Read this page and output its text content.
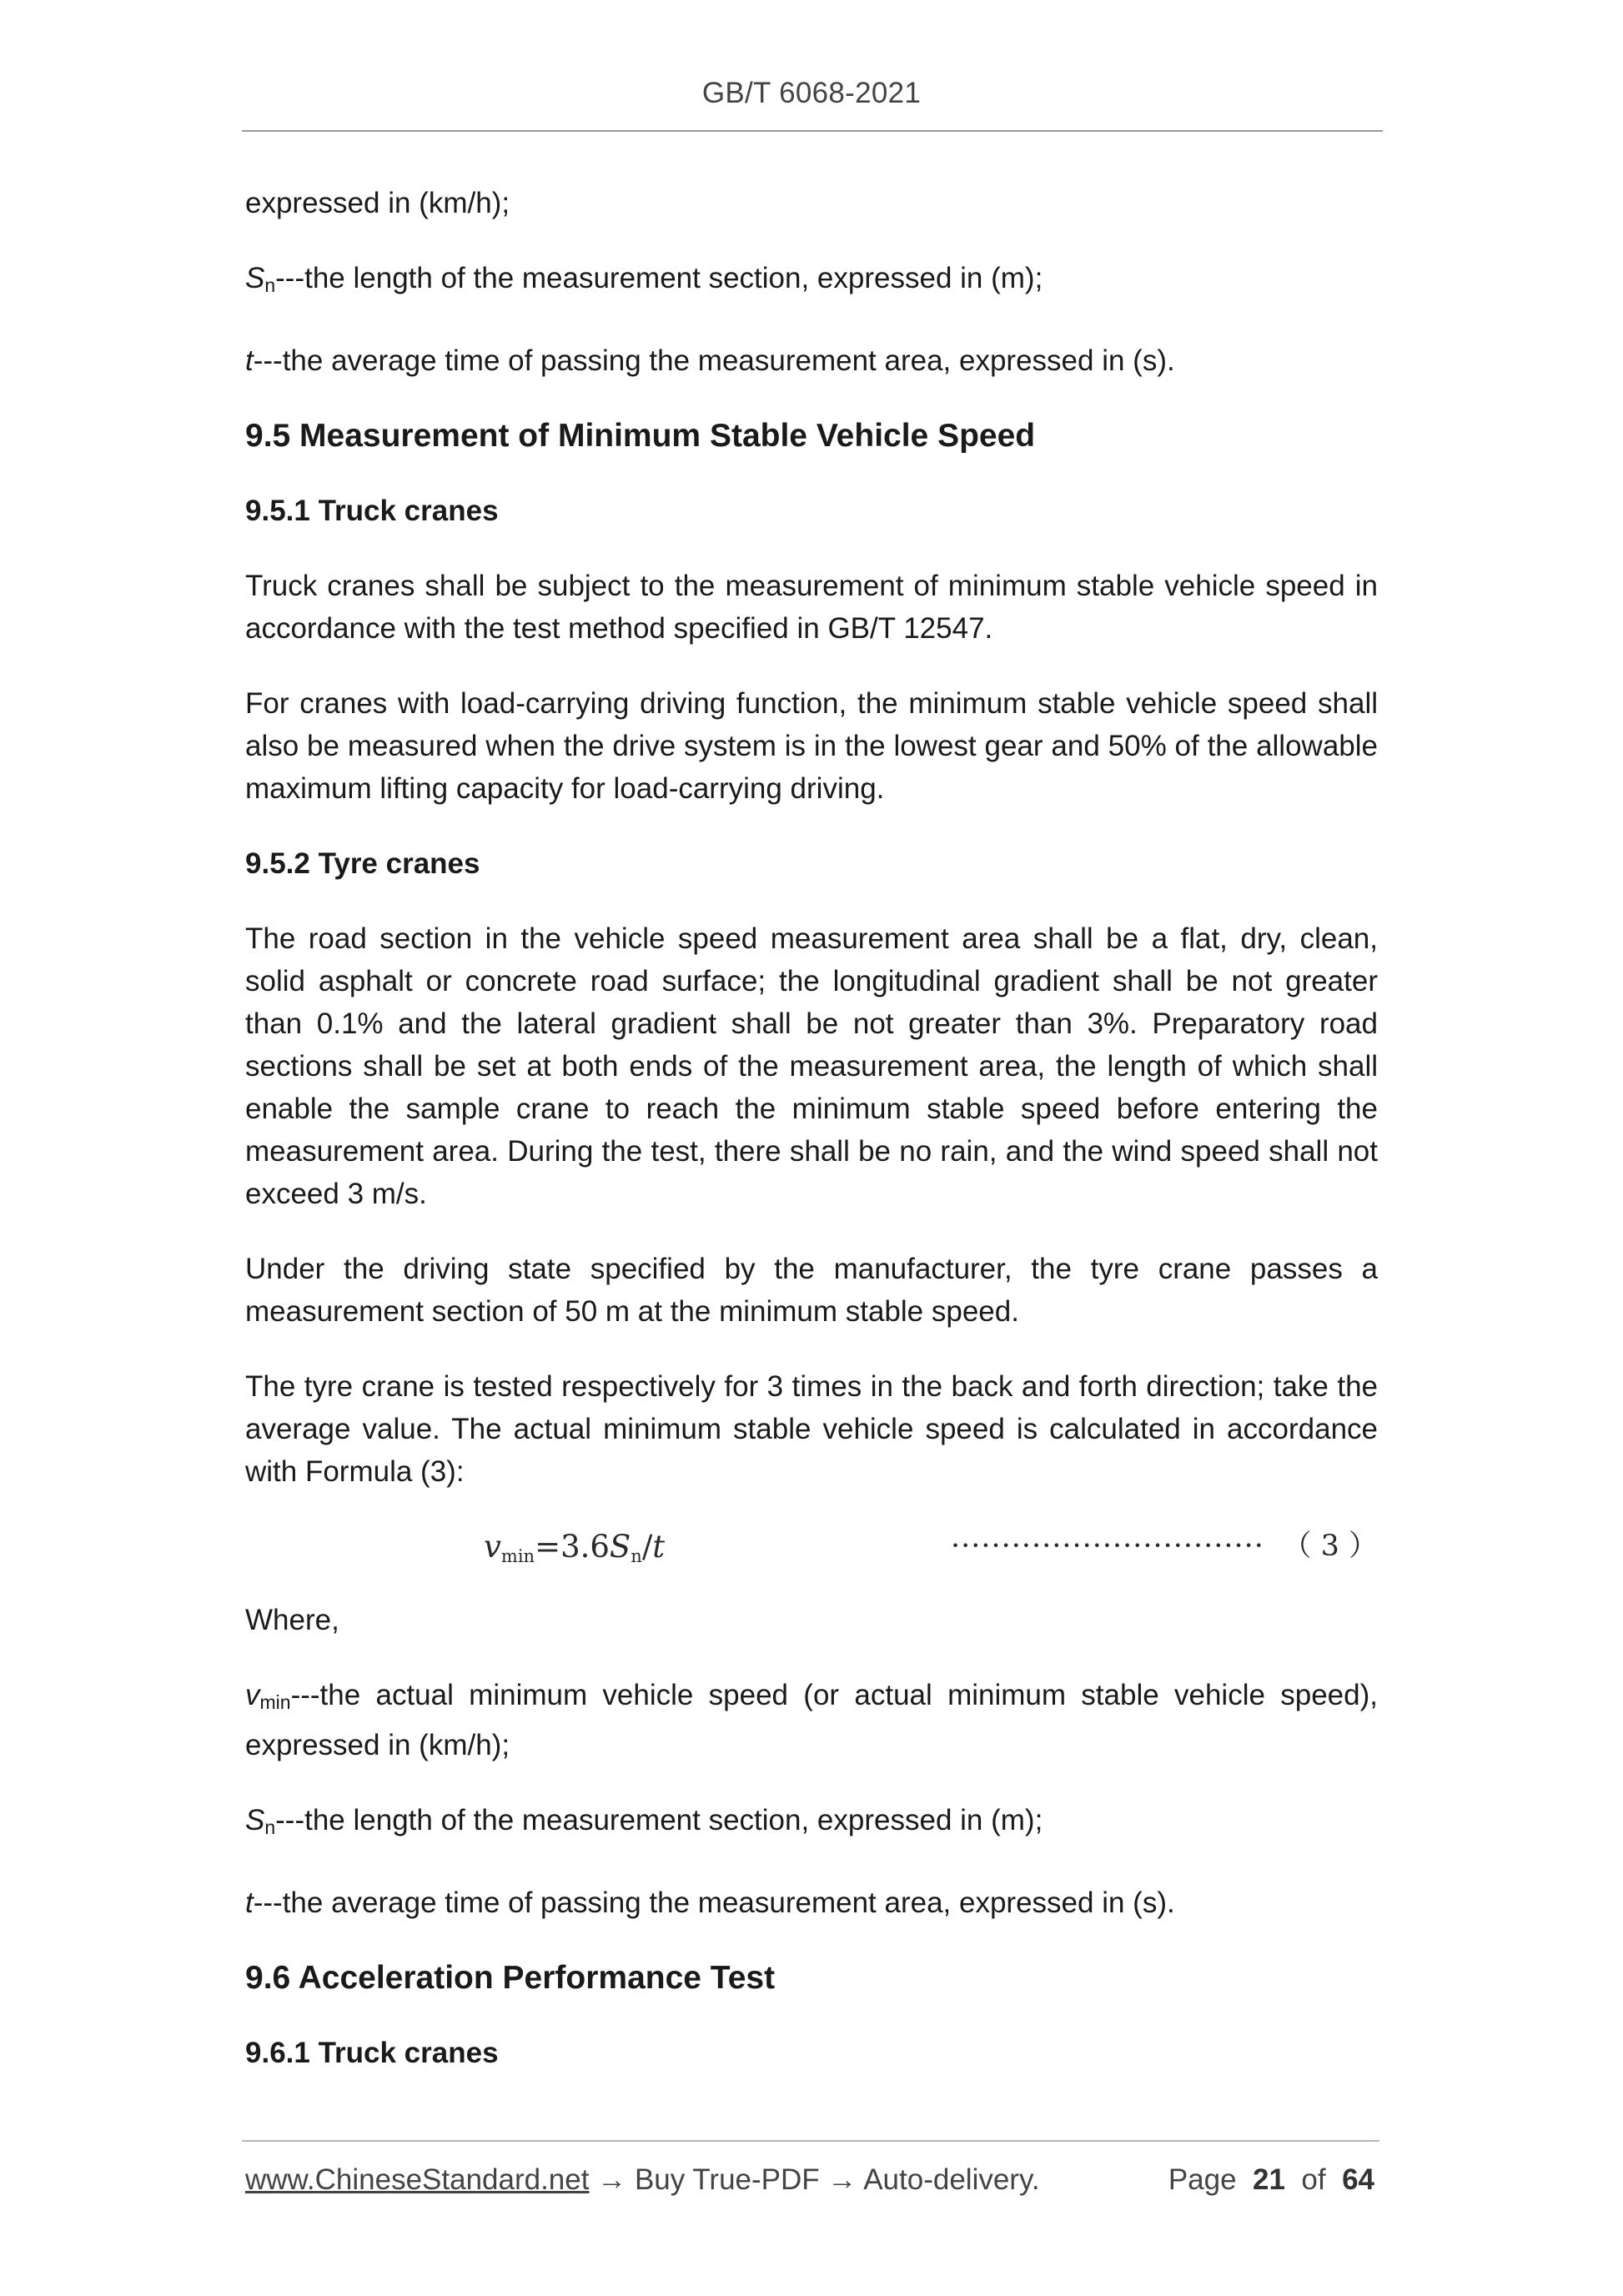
GB/T 6068-2021

expressed in (km/h);

$S_n--$-the length of the measurement section, expressed in (m);

t---the average time of passing the measurement area, expressed in (s).

9.5 Measurement of Minimum Stable Vehicle Speed
9.5.1 Truck cranes

Truck cranes shall be subject to the measurement of minimum stable vehicle speed in accordance with the test method specified in GB/T 12547.

For cranes with load-carrying driving function, the minimum stable vehicle speed shall also be measured when the drive system is in the lowest gear and 50% of the allowable maximum lifting capacity for load-carrying driving.

9.5.2 Tyre cranes

The road section in the vehicle speed measurement area shall be a flat, dry, clean, solid asphalt or concrete road surface; the longitudinal gradient shall be not greater than 0.1% and the lateral gradient shall be not greater than 3%. Preparatory road sections shall be set at both ends of the measurement area, the length of which shall enable the sample crane to reach the minimum stable speed before entering the measurement area. During the test, there shall be no rain, and the wind speed shall not exceed 3 m/s.

Under the driving state specified by the manufacturer, the tyre crane passes a measurement section of 50 m at the minimum stable speed.

The tyre crane is tested respectively for 3 times in the back and forth direction; take the average value. The actual minimum stable vehicle speed is calculated in accordance with Formula (3):

vmin=3.6Sn/t	······························· （ 3 ）

Where,

vmin---the actual minimum vehicle speed (or actual minimum stable vehicle speed), expressed in (km/h);

$S_n--$-the length of the measurement section, expressed in (m);

t---the average time of passing the measurement area, expressed in (s).

9.6 Acceleration Performance Test
9.6.1 Truck cranes
www.ChineseStandard.net → Buy True-PDF → Auto-delivery.	Page 21 of 64
